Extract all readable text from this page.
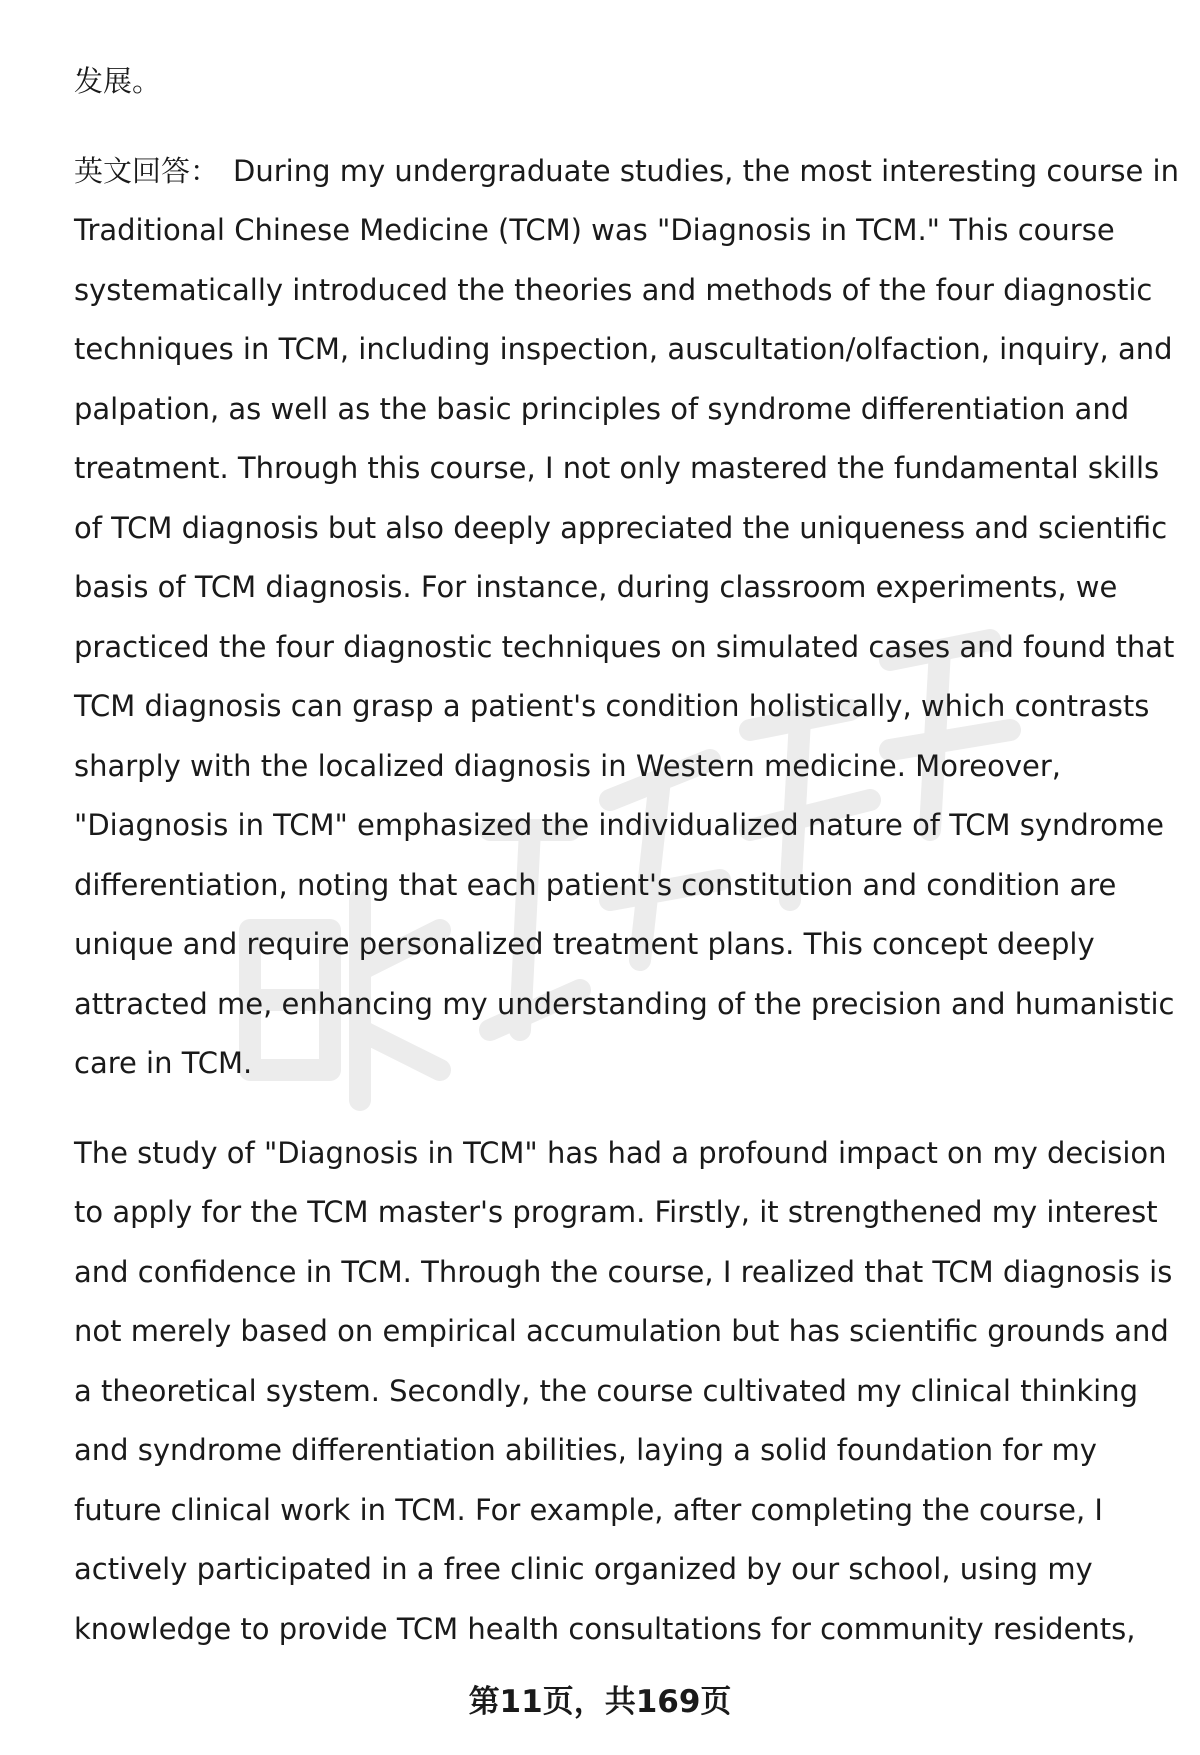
发展。

英文回答： During my undergraduate studies, the most interesting course in
Traditional Chinese Medicine (TCM) was "Diagnosis in TCM." This course
systematically introduced the theories and methods of the four diagnostic
techniques in TCM, including inspection, auscultation/olfaction, inquiry, and
palpation, as well as the basic principles of syndrome differentiation and
treatment. Through this course, I not only mastered the fundamental skills
of TCM diagnosis but also deeply appreciated the uniqueness and scientific
basis of TCM diagnosis. For instance, during classroom experiments, we
practiced the four diagnostic techniques on simulated cases and found that
TCM diagnosis can grasp a patient's condition holistically, which contrasts
sharply with the localized diagnosis in Western medicine. Moreover,
"Diagnosis in TCM" emphasized the individualized nature of TCM syndrome
differentiation, noting that each patient's constitution and condition are
unique and require personalized treatment plans. This concept deeply
attracted me, enhancing my understanding of the precision and humanistic
care in TCM.
The study of "Diagnosis in TCM" has had a profound impact on my decision
to apply for the TCM master's program. Firstly, it strengthened my interest
and confidence in TCM. Through the course, I realized that TCM diagnosis is
not merely based on empirical accumulation but has scientific grounds and
a theoretical system. Secondly, the course cultivated my clinical thinking
and syndrome differentiation abilities, laying a solid foundation for my
future clinical work in TCM. For example, after completing the course, I
actively participated in a free clinic organized by our school, using my
knowledge to provide TCM health consultations for community residents,
第11页，共169页
